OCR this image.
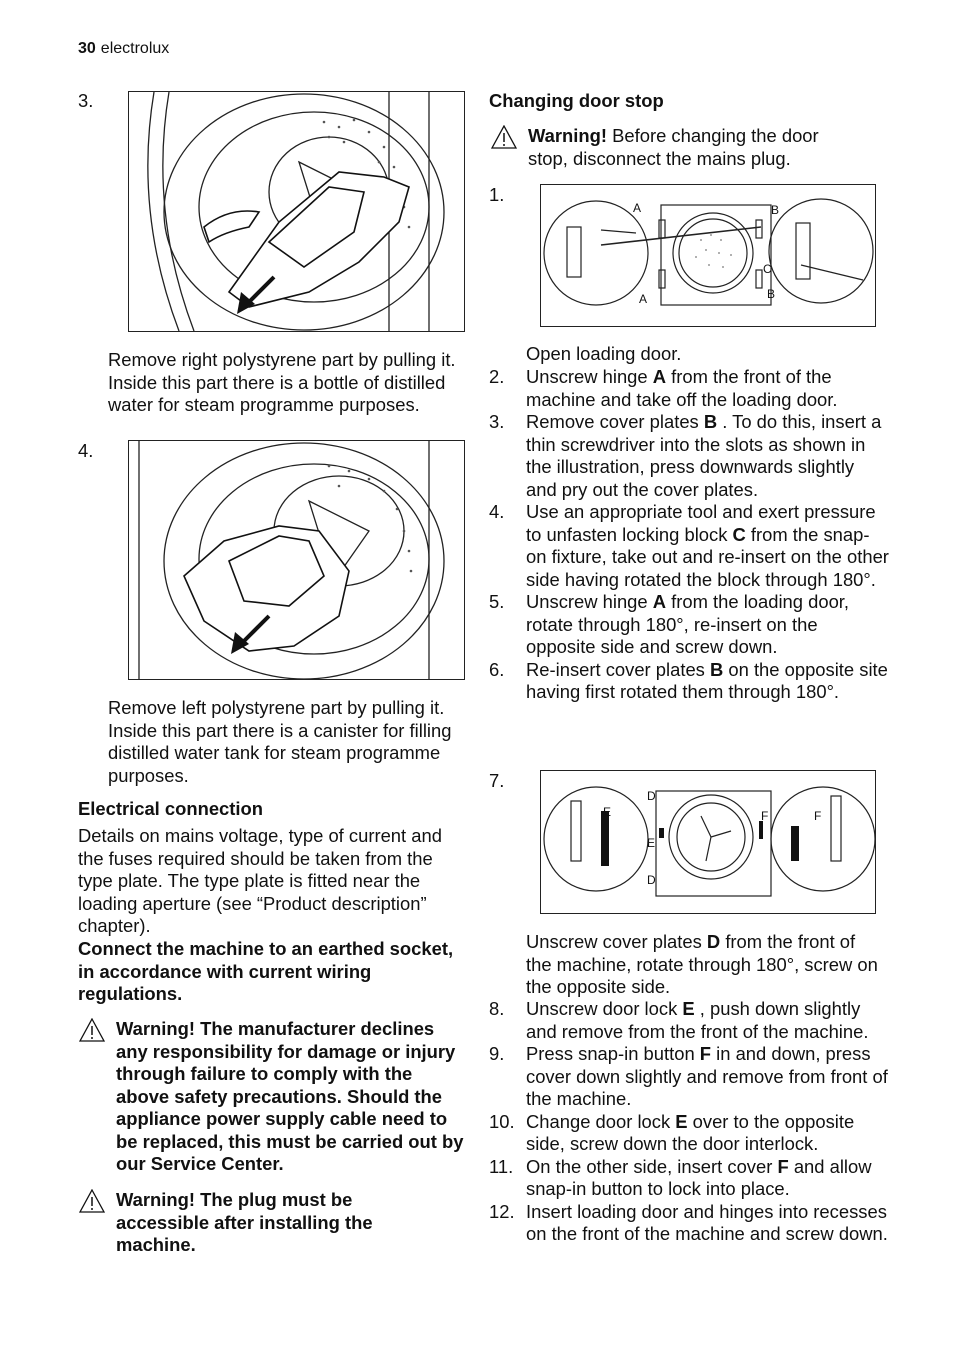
30 electrolux
3.
Remove right polystyrene part by pulling it. Inside this part there is a bottle of distilled water for steam programme purposes.
4.
Remove left polystyrene part by pulling it. Inside this part there is a canister for filling distilled water tank for steam programme purposes.
Electrical connection
Details on mains voltage, type of current and the fuses required should be taken from the type plate. The type plate is fitted near the loading aperture (see “Product description” chapter).
Connect the machine to an earthed socket, in accordance with current wiring regulations.
Warning! The manufacturer declines any responsibility for damage or injury through failure to comply with the above safety precautions. Should the appliance power supply cable need to be replaced, this must be carried out by our Service Center.
Warning! The plug must be accessible after installing the machine.
Changing door stop
Warning! Before changing the door stop, disconnect the mains plug.
1.
A
A
B
B
C
Open loading door.
2. Unscrew hinge A from the front of the machine and take off the loading door.
3. Remove cover plates B . To do this, insert a thin screwdriver into the slots as shown in the illustration, press downwards slightly and pry out the cover plates.
4. Use an appropriate tool and exert pressure to unfasten locking block C from the snap-on fixture, take out and re-insert on the other side having rotated the block through 180°.
5. Unscrew hinge A from the loading door, rotate through 180°, re-insert on the opposite side and screw down.
6. Re-insert cover plates B on the opposite site having first rotated them through 180°.
7.
D
D
E
E
F	F
Unscrew cover plates D from the front of the machine, rotate through 180°, screw on the opposite side.
8. Unscrew door lock E , push down slightly and remove from the front of the machine.
9. Press snap-in button F in and down, press cover down slightly and remove from front of the machine.
10. Change door lock E over to the opposite side, screw down the door interlock.
11. On the other side, insert cover F and allow snap-in button to lock into place.
12. Insert loading door and hinges into recesses on the front of the machine and screw down.
